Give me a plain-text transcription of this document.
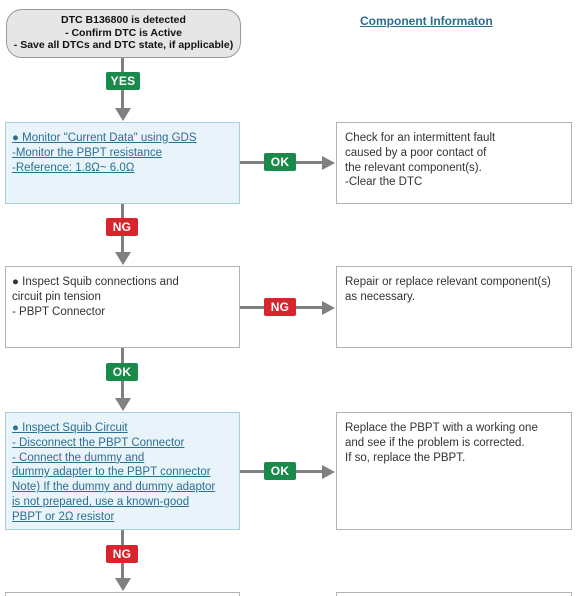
DTC B136800 is detected
- Confirm DTC is Active
- Save all DTCs and DTC state, if applicable)
Component Informaton
YES
● Monitor "Current Data" using GDS
-Monitor the PBPT resistance
-Reference: 1.8Ω~ 6.0Ω	OK
Check for an intermittent fault
caused by a poor contact of
the relevant component(s).
-Clear the DTC
NG
● Inspect Squib connections and
circuit pin tension
- PBPT Connector	NG
Repair or replace relevant component(s)
as necessary.
OK
● Inspect Squib Circuit
- Disconnect the PBPT Connector
- Connect the dummy and
dummy adapter to the PBPT connector
Note) If the dummy and dummy adaptor
is not prepared, use a known-good
PBPT or 2Ω resistor
OK
Replace the PBPT with a working one
and see if the problem is corrected.
If so, replace the PBPT.
NG
